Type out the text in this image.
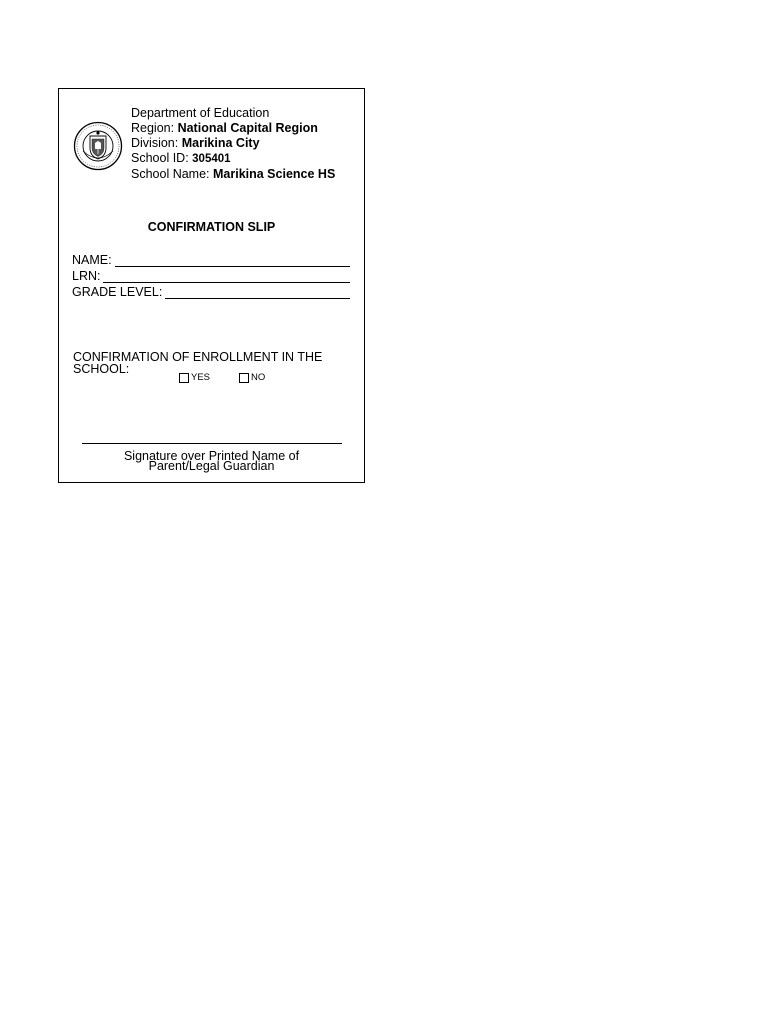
Department of Education
Region: National Capital Region
Division: Marikina City
School ID: 305401
School Name: Marikina Science HS
CONFIRMATION SLIP
NAME:
LRN:
GRADE LEVEL:
CONFIRMATION OF ENROLLMENT IN THE
SCHOOL:
YES	NO
Signature over Printed Name of
Parent/Legal Guardian
